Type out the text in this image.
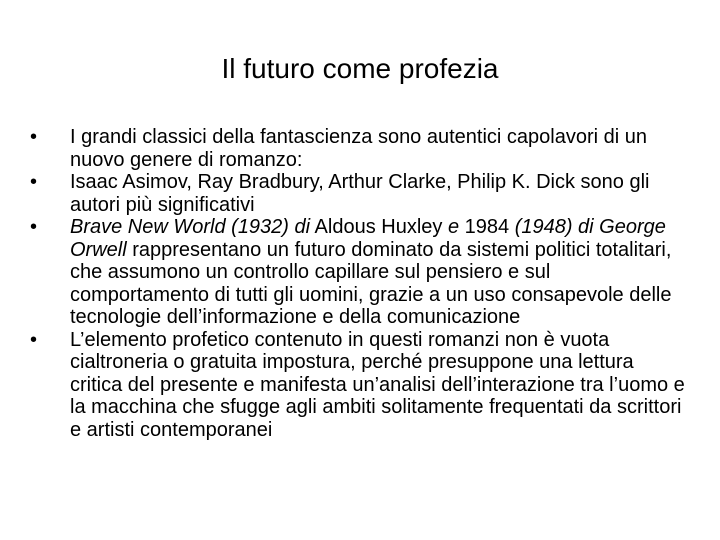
Il futuro come profezia
• I grandi classici della fantascienza sono autentici capolavori di un nuovo genere di romanzo:
• Isaac Asimov, Ray Bradbury, Arthur Clarke, Philip K. Dick sono gli autori più significativi
• Brave New World (1932) di Aldous Huxley e 1984 (1948) di George Orwell rappresentano un futuro dominato da sistemi politici totalitari, che assumono un controllo capillare sul pensiero e sul comportamento di tutti gli uomini, grazie a un uso consapevole delle tecnologie dell’informazione e della comunicazione
• L’elemento profetico contenuto in questi romanzi non è vuota cialtroneria o gratuita impostura, perché presuppone una lettura critica del presente e manifesta un’analisi dell’interazione tra l’uomo e la macchina che sfugge agli ambiti solitamente frequentati da scrittori e artisti contemporanei
